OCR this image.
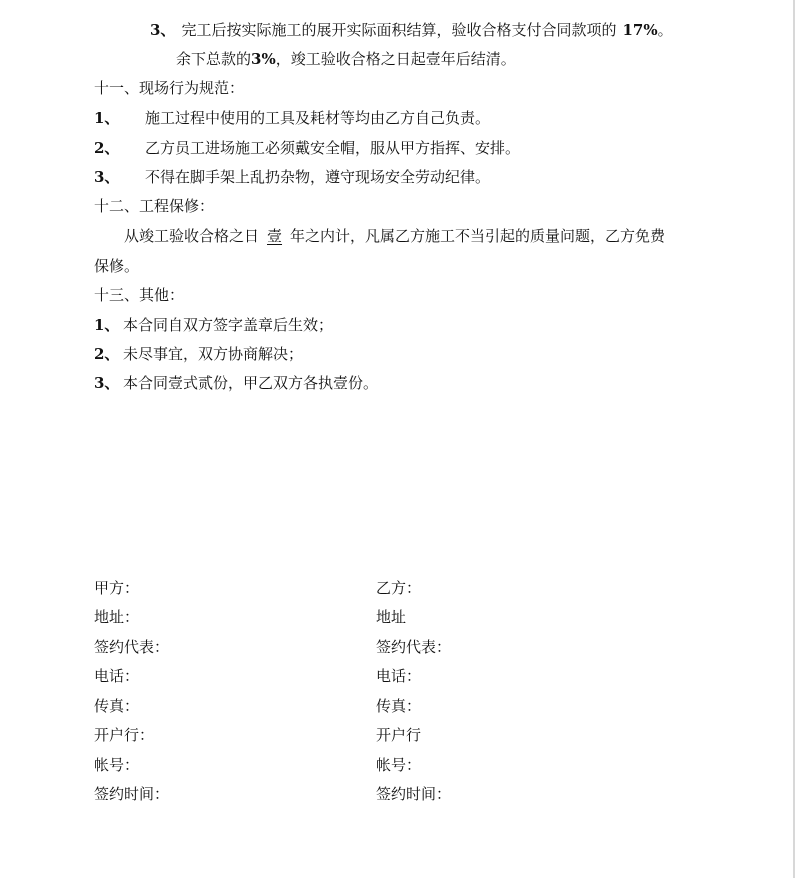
3、 完工后按实际施工的展开实际面积结算，验收合格支付合同款项的 17%。
余下总款的3%，竣工验收合格之日起壹年后结清。
十一、现场行为规范：
1、 施工过程中使用的工具及耗材等均由乙方自己负责。
2、 乙方员工进场施工必须戴安全帽，服从甲方指挥、安排。
3、 不得在脚手架上乱扔杂物，遵守现场安全劳动纪律。
十二、工程保修：
从竣工验收合格之日 壹 年之内计，凡属乙方施工不当引起的质量问题，乙方免费
保修。
十三、其他：
1、 本合同自双方签字盖章后生效；
2、 未尽事宜，双方协商解决；
3、 本合同壹式贰份，甲乙双方各执壹份。
甲方：
地址：
签约代表：
电话：
传真：
开户行：
帐号：
签约时间：
乙方：
地址
签约代表：
电话：
传真：
开户行
帐号：
签约时间：
